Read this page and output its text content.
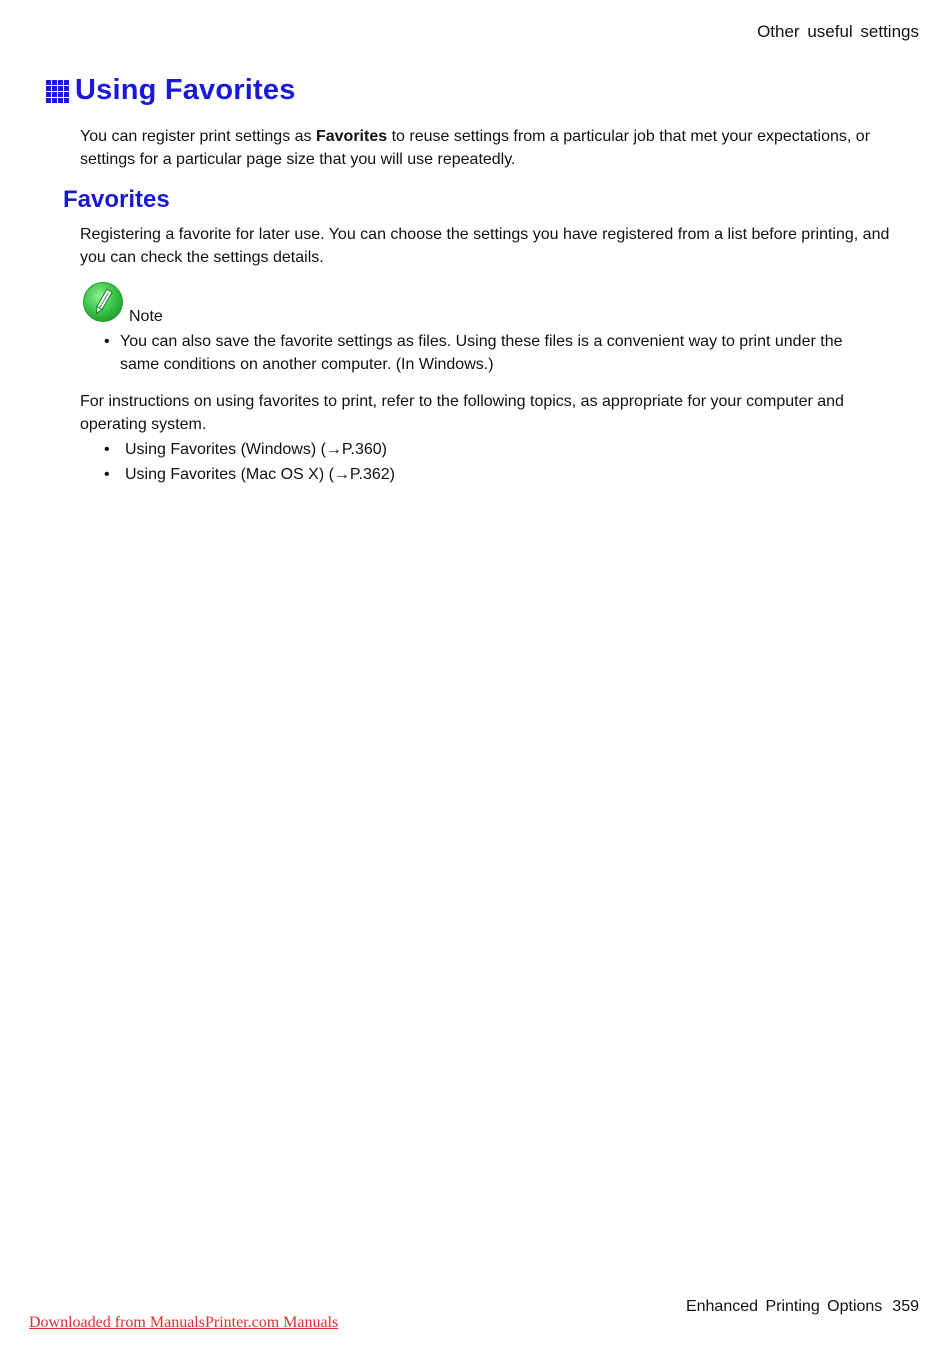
Other useful settings
Using Favorites
You can register print settings as Favorites to reuse settings from a particular job that met your expectations, or settings for a particular page size that you will use repeatedly.
Favorites
Registering a favorite for later use. You can choose the settings you have registered from a list before printing, and you can check the settings details.
Note
• You can also save the favorite settings as files. Using these files is a convenient way to print under the same conditions on another computer. (In Windows.)
For instructions on using favorites to print, refer to the following topics, as appropriate for your computer and operating system.
• Using Favorites (Windows) (→P.360)
• Using Favorites (Mac OS X) (→P.362)
Enhanced Printing Options 359
Downloaded from ManualsPrinter.com Manuals
